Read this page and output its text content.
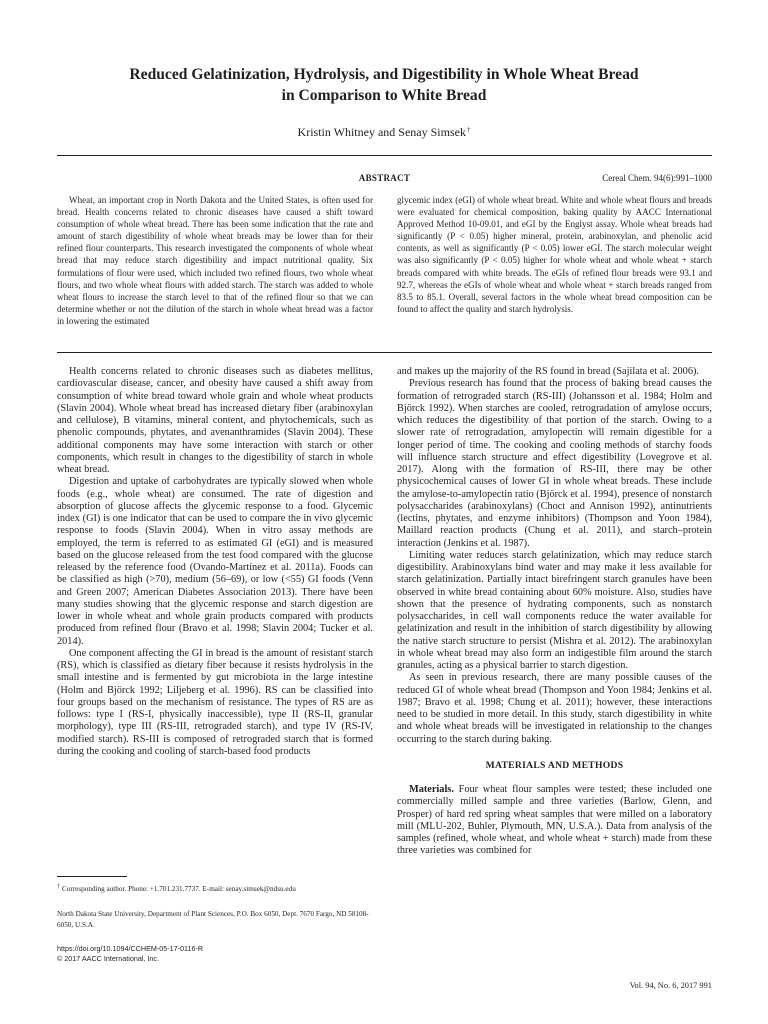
Reduced Gelatinization, Hydrolysis, and Digestibility in Whole Wheat Bread
in Comparison to White Bread
Kristin Whitney and Senay Simsek†
ABSTRACT	Cereal Chem. 94(6):991–1000

Wheat, an important crop in North Dakota and the United States, is often used for bread. Health concerns related to chronic diseases have caused a shift toward consumption of whole wheat bread. There has been some indication that the rate and amount of starch digestibility of whole wheat breads may be lower than for their refined flour counterparts. This research investigated the components of whole wheat bread that may reduce starch digestibility and impact nutritional quality. Six formulations of flour were used, which included two refined flours, two whole wheat flours, and two whole wheat flours with added starch. The starch was added to whole wheat flours to increase the starch level to that of the refined flour so that we can determine whether or not the dilution of the starch in whole wheat bread was a factor in lowering the estimated

glycemic index (eGI) of whole wheat bread. White and whole wheat flours and breads were evaluated for chemical composition, baking quality by AACC International Approved Method 10-09.01, and eGI by the Englyst assay. Whole wheat breads had significantly (P < 0.05) higher mineral, protein, arabinoxylan, and phenolic acid contents, as well as significantly (P < 0.05) lower eGI. The starch molecular weight was also significantly (P < 0.05) higher for whole wheat and whole wheat + starch breads compared with white breads. The eGIs of refined flour breads were 93.1 and 92.7, whereas the eGIs of whole wheat and whole wheat + starch breads ranged from 83.5 to 85.1. Overall, several factors in the whole wheat bread composition can be found to affect the quality and starch hydrolysis.

Health concerns related to chronic diseases such as diabetes mellitus, cardiovascular disease, cancer, and obesity have caused a shift away from consumption of white bread toward whole grain and whole wheat products (Slavin 2004). Whole wheat bread has increased dietary fiber (arabinoxylan and cellulose), B vitamins, mineral content, and phytochemicals, such as phenolic compounds, phytates, and avenanthramides (Slavin 2004). These additional components may have some interaction with starch or other components, which result in changes to the digestibility of starch in whole wheat bread.

Digestion and uptake of carbohydrates are typically slowed when whole foods (e.g., whole wheat) are consumed. The rate of digestion and absorption of glucose affects the glycemic response to a food. Glycemic index (GI) is one indicator that can be used to compare the in vivo glycemic response to foods (Slavin 2004). When in vitro assay methods are employed, the term is referred to as estimated GI (eGI) and is measured based on the glucose released from the test food compared with the glucose released by the reference food (Ovando-Martínez et al. 2011a). Foods can be classified as high (>70), medium (56–69), or low (<55) GI foods (Venn and Green 2007; American Diabetes Association 2013). There have been many studies showing that the glycemic response and starch digestion are lower in whole wheat and whole grain products compared with products produced from refined flour (Bravo et al. 1998; Slavin 2004; Tucker et al. 2014).

One component affecting the GI in bread is the amount of resistant starch (RS), which is classified as dietary fiber because it resists hydrolysis in the small intestine and is fermented by gut microbiota in the large intestine (Holm and Björck 1992; Liljeberg et al. 1996). RS can be classified into four groups based on the mechanism of resistance. The types of RS are as follows: type I (RS-I, physically inaccessible), type II (RS-II, granular morphology), type III (RS-III, retrograded starch), and type IV (RS-IV, modified starch). RS-III is composed of retrograded starch that is formed during the cooking and cooling of starch-based food products

and makes up the majority of the RS found in bread (Sajilata et al. 2006).

Previous research has found that the process of baking bread causes the formation of retrograded starch (RS-III) (Johansson et al. 1984; Holm and Björck 1992). When starches are cooled, retrogradation of amylose occurs, which reduces the digestibility of that portion of the starch. Owing to a slower rate of retrogradation, amylopectin will remain digestible for a longer period of time. The cooking and cooling methods of starchy foods will influence starch structure and effect digestibility (Lovegrove et al. 2017). Along with the formation of RS-III, there may be other physicochemical causes of lower GI in whole wheat breads. These include the amylose-to-amylopectin ratio (Björck et al. 1994), presence of nonstarch polysaccharides (arabinoxylans) (Choct and Annison 1992), antinutrients (lectins, phytates, and enzyme inhibitors) (Thompson and Yoon 1984), Maillard reaction products (Chung et al. 2011), and starch–protein interaction (Jenkins et al. 1987).

Limiting water reduces starch gelatinization, which may reduce starch digestibility. Arabinoxylans bind water and may make it less available for starch gelatinization. Partially intact birefringent starch granules have been observed in white bread containing about 60% moisture. Also, studies have shown that the presence of hydrating components, such as nonstarch polysaccharides, in cell wall components reduce the water available for gelatinization and result in the inhibition of starch digestibility by allowing the native starch structure to persist (Mishra et al. 2012). The arabinoxylan in whole wheat bread may also form an indigestible film around the starch granules, acting as a physical barrier to starch digestion.

As seen in previous research, there are many possible causes of the reduced GI of whole wheat bread (Thompson and Yoon 1984; Jenkins et al. 1987; Bravo et al. 1998; Chung et al. 2011); however, these interactions need to be studied in more detail. In this study, starch digestibility in white and whole wheat breads will be investigated in relationship to the changes occurring to the starch during baking.

MATERIALS AND METHODS

Materials. Four wheat flour samples were tested; these included one commercially milled sample and three varieties (Barlow, Glenn, and Prosper) of hard red spring wheat samples that were milled on a laboratory mill (MLU-202, Buhler, Plymouth, MN, U.S.A.). Data from analysis of the samples (refined, whole wheat, and whole wheat + starch) made from these three varieties was combined for

† Corresponding author. Phone: +1.701.231.7737. E-mail: senay.simsek@ndsu.edu
North Dakota State University, Department of Plant Sciences, P.O. Box 6050, Dept. 7670 Fargo, ND 58108-6050, U.S.A.
https://doi.org/10.1094/CCHEM-05-17-0116-R
© 2017 AACC International, Inc.
Vol. 94, No. 6, 2017 991
